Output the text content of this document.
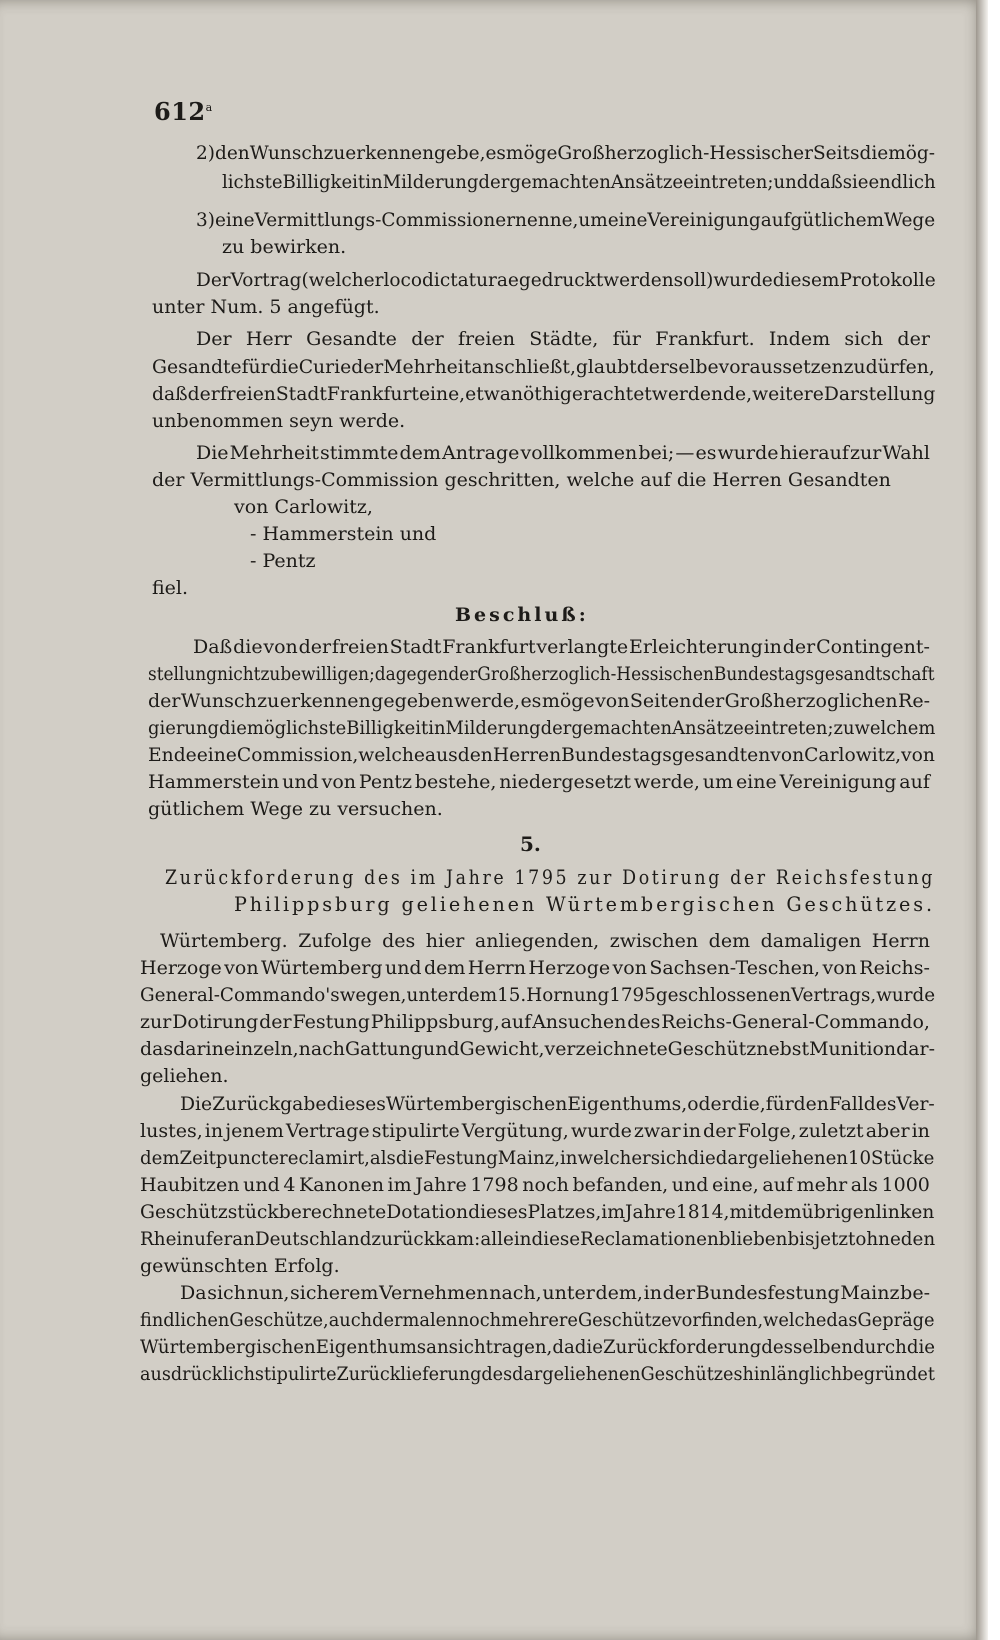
612$^a$
2) den Wunsch zu erkennen gebe, es möge Großherzoglich-Hessischer Seits die mög-
lichste Billigkeit in Milderung der gemachten Ansätze eintreten; und daß sie endlich
3) eine Vermittlungs-Commission ernenne, um eine Vereinigung auf gütlichem Wege
zu bewirken.
Der Vortrag (welcher loco dictaturae gedruckt werden soll) wurde diesem Protokolle
unter Num. 5 angefügt.
Der Herr Gesandte der freien Städte, für Frankfurt. Indem sich der
Gesandte für die Curie der Mehrheit anschließt, glaubt derselbe voraussetzen zu dürfen,
daß der freien Stadt Frankfurt eine, etwa nöthig erachtet werdende, weitere Darstellung
unbenommen seyn werde.
Die Mehrheit stimmte dem Antrage vollkommen bei; — es wurde hierauf zur Wahl
der Vermittlungs-Commission geschritten, welche auf die Herren Gesandten
von Carlowitz,
- Hammerstein und
- Pentz
fiel.
Beschluß:
Daß die von der freien Stadt Frankfurt verlangte Erleichterung in der Contingent-
stellung nicht zu bewilligen; dagegen der Großherzoglich-Hessischen Bundestagsgesandtschaft
der Wunsch zu erkennen gegeben werde, es möge von Seiten der Großherzoglichen Re-
gierung die möglichste Billigkeit in Milderung der gemachten Ansätze eintreten; zu welchem
Ende eine Commission, welche aus den Herren Bundestagsgesandten von Carlowitz, von
Hammerstein und von Pentz bestehe, niedergesetzt werde, um eine Vereinigung auf
gütlichem Wege zu versuchen.
5.
Zurückforderung des im Jahre 1795 zur Dotirung der Reichsfestung
Philippsburg geliehenen Würtembergischen Geschützes.
Würtemberg. Zufolge des hier anliegenden, zwischen dem damaligen Herrn
Herzoge von Würtemberg und dem Herrn Herzoge von Sachsen-Teschen, von Reichs-
General-Commando's wegen, unter dem 15. Hornung 1795 geschlossenen Vertrags, wurde
zur Dotirung der Festung Philippsburg, auf Ansuchen des Reichs-General-Commando,
das darin einzeln, nach Gattung und Gewicht, verzeichnete Geschütz nebst Munition dar-
geliehen.
Die Zurückgabe dieses Würtembergischen Eigenthums, oder die, für den Fall des Ver-
lustes, in jenem Vertrage stipulirte Vergütung, wurde zwar in der Folge, zuletzt aber in
dem Zeitpuncte reclamirt, als die Festung Mainz, in welcher sich die dargeliehenen 10 Stücke
Haubitzen und 4 Kanonen im Jahre 1798 noch befanden, und eine, auf mehr als 1000
Geschützstück berechnete Dotation dieses Platzes, im Jahre 1814, mit dem übrigen linken
Rheinufer an Deutschland zurückkam: allein diese Reclamationen blieben bis jetzt ohne den
gewünschten Erfolg.
Da sich nun, sicherem Vernehmen nach, unter dem, in der Bundesfestung Mainz be-
findlichen Geschütze, auch dermalen noch mehrere Geschütze vorfinden, welche das Gepräge
Würtembergischen Eigenthums an sich tragen, da die Zurückforderung desselben durch die
ausdrücklich stipulirte Zurücklieferung des dargeliehenen Geschützes hinlänglich begründet
